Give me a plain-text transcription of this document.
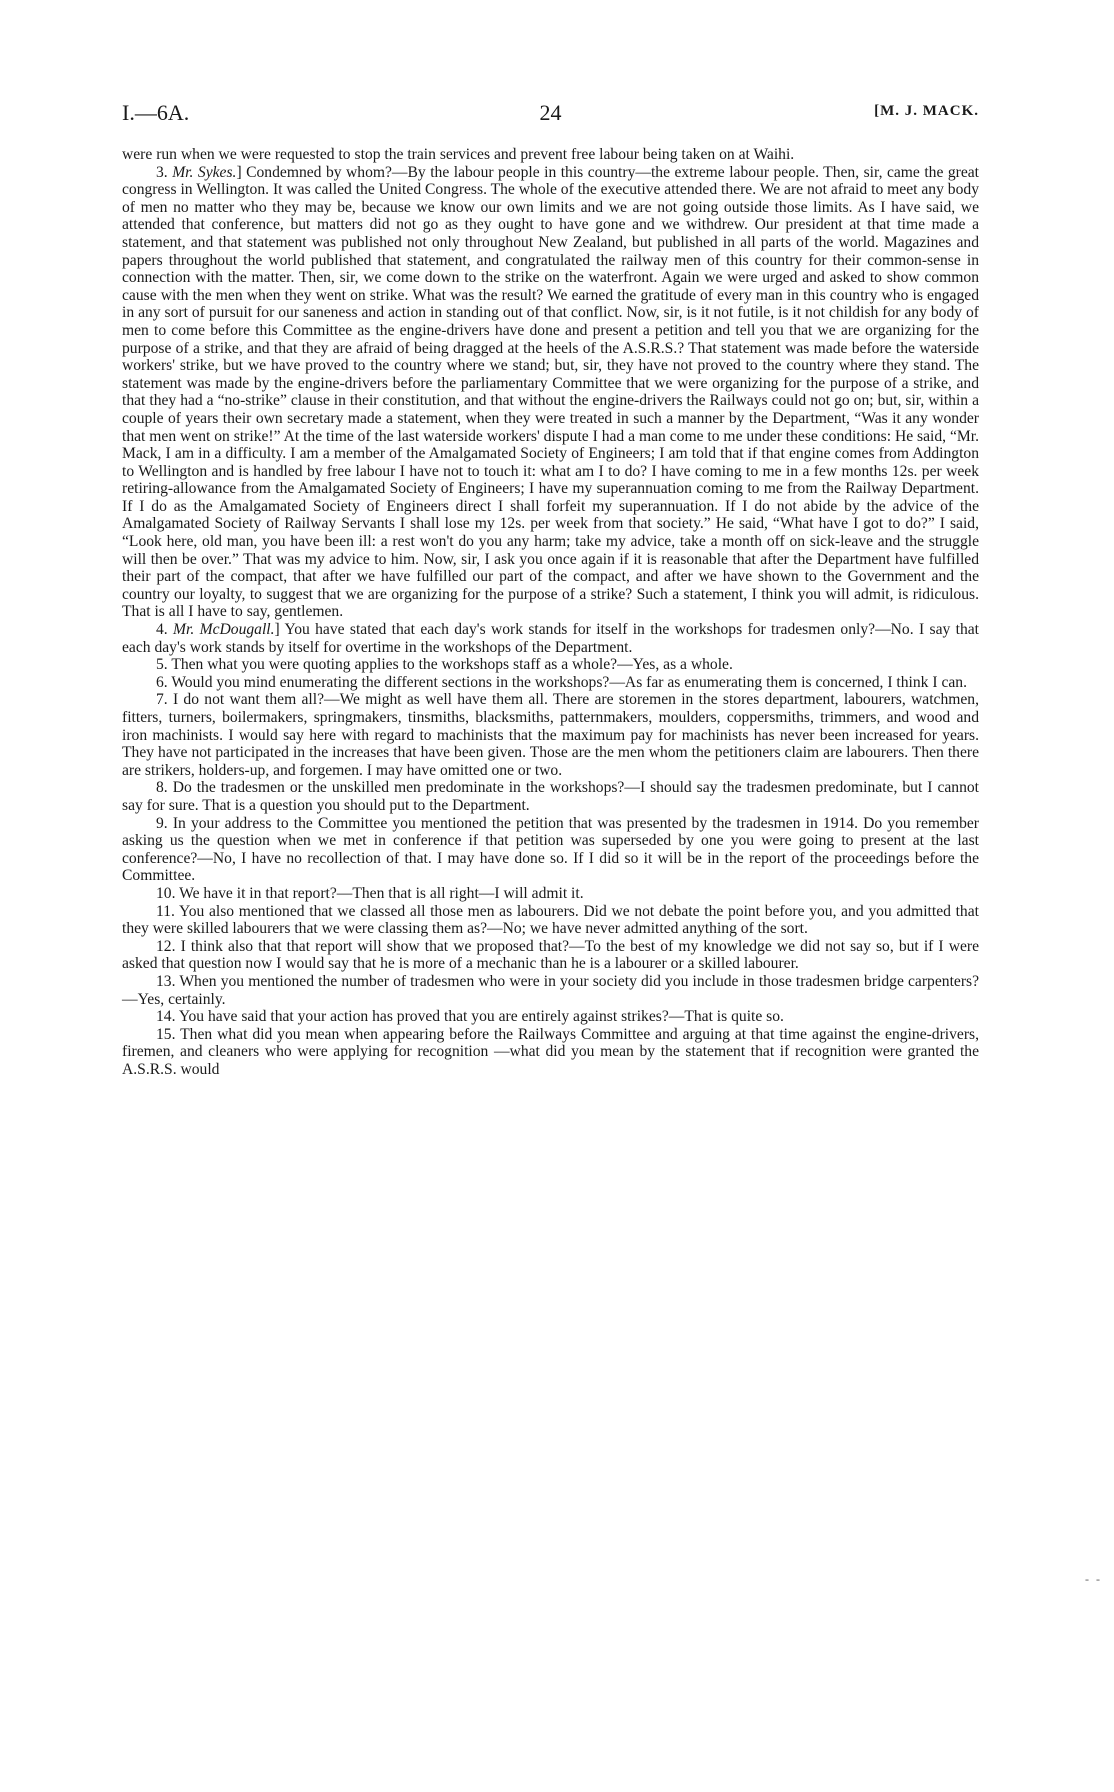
I.—6A.	24	[M. J. MACK.

were run when we were requested to stop the train services and prevent free labour being taken on at Waihi.

3. Mr. Sykes.] Condemned by whom?—By the labour people in this country—the extreme labour people. Then, sir, came the great congress in Wellington. It was called the United Congress. The whole of the executive attended there. We are not afraid to meet any body of men no matter who they may be, because we know our own limits and we are not going outside those limits. As I have said, we attended that conference, but matters did not go as they ought to have gone and we withdrew. Our president at that time made a statement, and that statement was published not only throughout New Zealand, but published in all parts of the world. Magazines and papers throughout the world published that statement, and congratulated the railway men of this country for their common-sense in connection with the matter. Then, sir, we come down to the strike on the waterfront. Again we were urged and asked to show common cause with the men when they went on strike. What was the result? We earned the gratitude of every man in this country who is engaged in any sort of pursuit for our saneness and action in standing out of that conflict. Now, sir, is it not futile, is it not childish for any body of men to come before this Committee as the engine-drivers have done and present a petition and tell you that we are organizing for the purpose of a strike, and that they are afraid of being dragged at the heels of the A.S.R.S.? That statement was made before the waterside workers' strike, but we have proved to the country where we stand; but, sir, they have not proved to the country where they stand. The statement was made by the engine-drivers before the parliamentary Committee that we were organizing for the purpose of a strike, and that they had a “no-strike” clause in their constitution, and that without the engine-drivers the Railways could not go on; but, sir, within a couple of years their own secretary made a statement, when they were treated in such a manner by the Department, “Was it any wonder that men went on strike!” At the time of the last waterside workers' dispute I had a man come to me under these conditions: He said, “Mr. Mack, I am in a difficulty. I am a member of the Amalgamated Society of Engineers; I am told that if that engine comes from Addington to Wellington and is handled by free labour I have not to touch it: what am I to do? I have coming to me in a few months 12s. per week retiring-allowance from the Amalgamated Society of Engineers; I have my superannuation coming to me from the Railway Department. If I do as the Amalgamated Society of Engineers direct I shall forfeit my superannuation. If I do not abide by the advice of the Amalgamated Society of Railway Servants I shall lose my 12s. per week from that society.” He said, “What have I got to do?” I said, “Look here, old man, you have been ill: a rest won't do you any harm; take my advice, take a month off on sick-leave and the struggle will then be over.” That was my advice to him. Now, sir, I ask you once again if it is reasonable that after the Department have fulfilled their part of the compact, that after we have fulfilled our part of the compact, and after we have shown to the Government and the country our loyalty, to suggest that we are organizing for the purpose of a strike? Such a statement, I think you will admit, is ridiculous. That is all I have to say, gentlemen.

4. Mr. McDougall.] You have stated that each day's work stands for itself in the workshops for tradesmen only?—No. I say that each day's work stands by itself for overtime in the workshops of the Department.

5. Then what you were quoting applies to the workshops staff as a whole?—Yes, as a whole.

6. Would you mind enumerating the different sections in the workshops?—As far as enumerating them is concerned, I think I can.

7. I do not want them all?—We might as well have them all. There are storemen in the stores department, labourers, watchmen, fitters, turners, boilermakers, springmakers, tinsmiths, blacksmiths, patternmakers, moulders, coppersmiths, trimmers, and wood and iron machinists. I would say here with regard to machinists that the maximum pay for machinists has never been increased for years. They have not participated in the increases that have been given. Those are the men whom the petitioners claim are labourers. Then there are strikers, holders-up, and forgemen. I may have omitted one or two.

8. Do the tradesmen or the unskilled men predominate in the workshops?—I should say the tradesmen predominate, but I cannot say for sure. That is a question you should put to the Department.

9. In your address to the Committee you mentioned the petition that was presented by the tradesmen in 1914. Do you remember asking us the question when we met in conference if that petition was superseded by one you were going to present at the last conference?—No, I have no recollection of that. I may have done so. If I did so it will be in the report of the proceedings before the Committee.

10. We have it in that report?—Then that is all right—I will admit it.

11. You also mentioned that we classed all those men as labourers. Did we not debate the point before you, and you admitted that they were skilled labourers that we were classing them as?—No; we have never admitted anything of the sort.

12. I think also that that report will show that we proposed that?—To the best of my knowledge we did not say so, but if I were asked that question now I would say that he is more of a mechanic than he is a labourer or a skilled labourer.

13. When you mentioned the number of tradesmen who were in your society did you include in those tradesmen bridge carpenters?—Yes, certainly.

14. You have said that your action has proved that you are entirely against strikes?—That is quite so.

15. Then what did you mean when appearing before the Railways Committee and arguing at that time against the engine-drivers, firemen, and cleaners who were applying for recognition —what did you mean by the statement that if recognition were granted the A.S.R.S. would

- -
